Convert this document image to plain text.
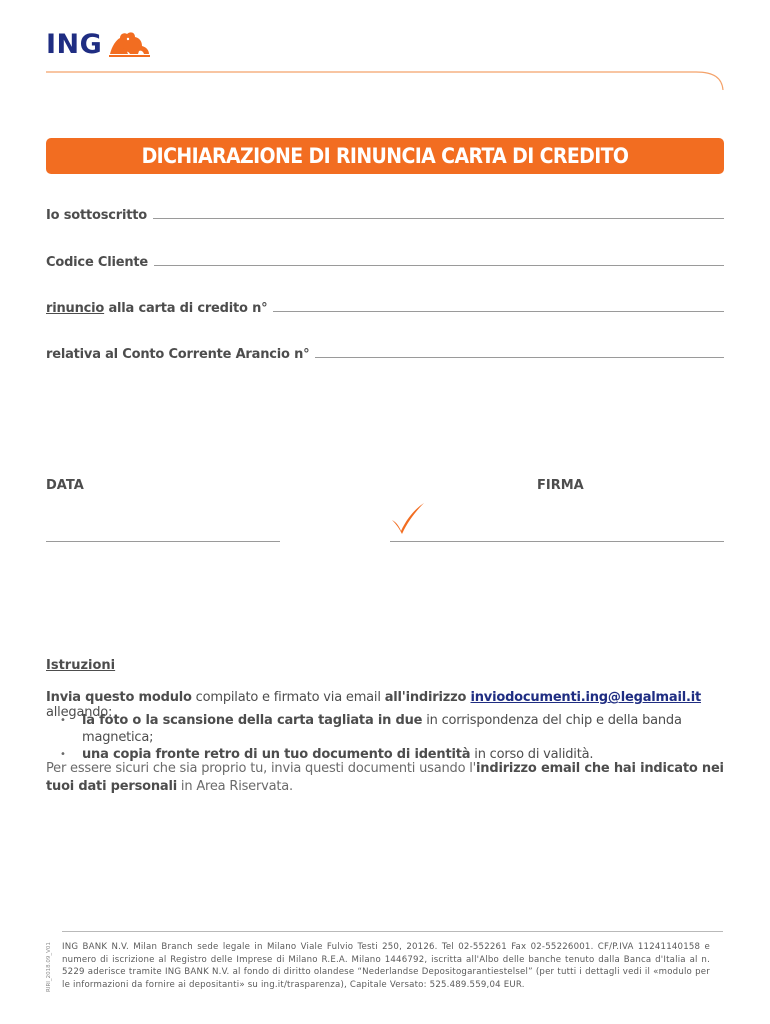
ING
DICHIARAZIONE DI RINUNCIA CARTA DI CREDITO
Io sottoscritto
Codice Cliente
rinuncio alla carta di credito n°
relativa al Conto Corrente Arancio n°
DATA	FIRMA
Istruzioni
Invia questo modulo compilato e firmato via email all'indirizzo inviodocumenti.ing@legalmail.it allegando:
• la foto o la scansione della carta tagliata in due in corrispondenza del chip e della banda magnetica;
• una copia fronte retro di un tuo documento di identità in corso di validità.
Per essere sicuri che sia proprio tu, invia questi documenti usando l'indirizzo email che hai indicato nei tuoi dati personali in Area Riservata.
RIRI_2018.09_V01 ING BANK N.V. Milan Branch sede legale in Milano Viale Fulvio Testi 250, 20126. Tel 02-552261 Fax 02-55226001. CF/P.IVA 11241140158 e numero di iscrizione al Registro delle Imprese di Milano R.E.A. Milano 1446792, iscritta all'Albo delle banche tenuto dalla Banca d'Italia al n. 5229 aderisce tramite ING BANK N.V. al fondo di diritto olandese “Nederlandse Depositogarantiestelsel” (per tutti i dettagli vedi il «modulo per le informazioni da fornire ai depositanti» su ing.it/trasparenza), Capitale Versato: 525.489.559,04 EUR.
